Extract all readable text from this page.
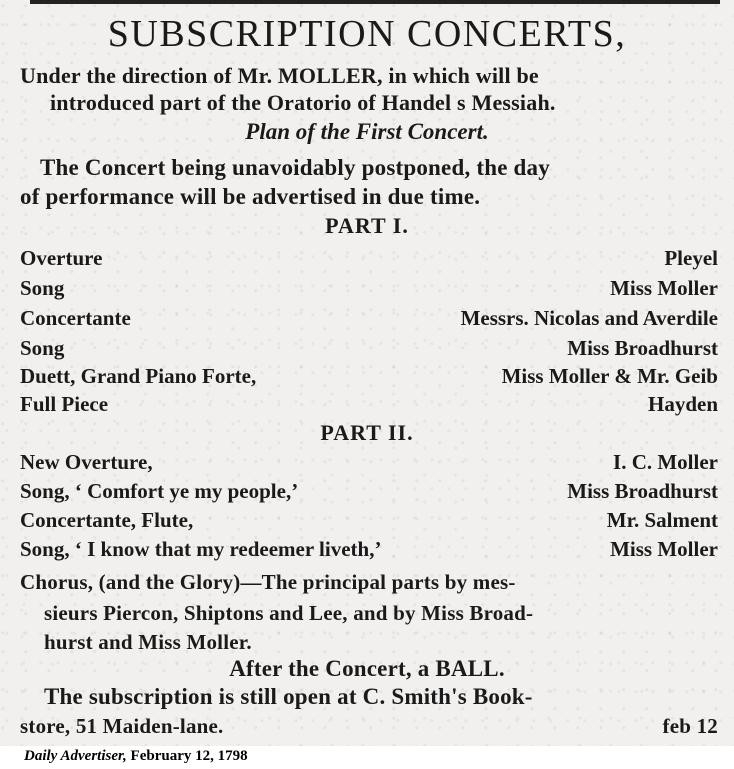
SUBSCRIPTION CONCERTS,
Under the direction of Mr. MOLLER, in which will be
introduced part of the Oratorio of Handel s Messiah.
Plan of the First Concert.
The Concert being unavoidably postponed, the day
of performance will be advertised in due time.
PART I.
Overture	Pleyel
Song	Miss Moller
Concertante	Messrs. Nicolas and Averdile
Song	Miss Broadhurst
Duett, Grand Piano Forte,	Miss Moller & Mr. Geib
Full Piece	Hayden
PART II.
New Overture,	I. C. Moller
Song, ‘ Comfort ye my people,’	Miss Broadhurst
Concertante, Flute,	Mr. Salment
Song, ‘ I know that my redeemer liveth,’	Miss Moller
Chorus, (and the Glory)—The principal parts by mes-
sieurs Piercon, Shiptons and Lee, and by Miss Broad-
hurst and Miss Moller.
After the Concert, a BALL.
The subscription is still open at C. Smith's Book-
store, 51 Maiden-lane.	feb 12
Daily Advertiser, February 12, 1798
